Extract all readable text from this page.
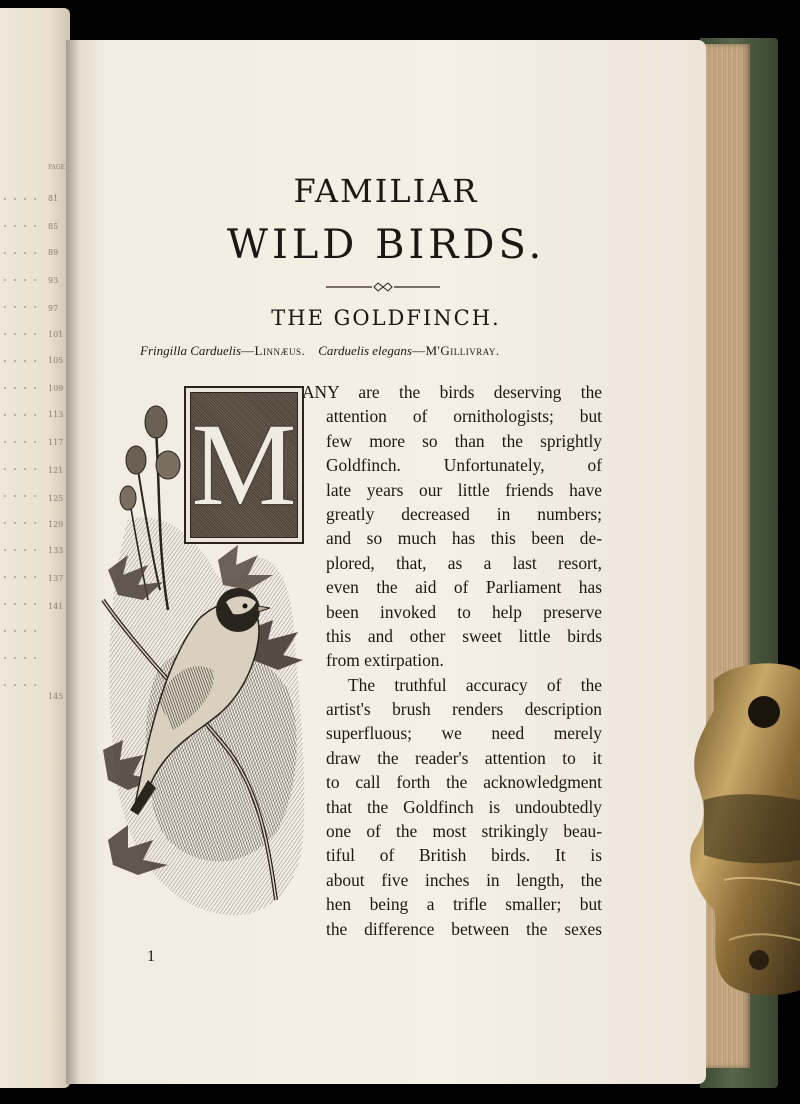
PAGE
81
85
89
93
97
101
105
109
113
117
121
125
129
133
137
141
145
FAMILIAR
WILD BIRDS.
THE GOLDFINCH.
Fringilla Carduelis—Linnæus. Carduelis elegans—M'Gillivray.
M
ANY are the birds deserving the
attention of ornithologists; but
few more so than the sprightly
Goldfinch. Unfortunately, of
late years our little friends have
greatly decreased in numbers;
and so much has this been de-
plored, that, as a last resort,
even the aid of Parliament has
been invoked to help preserve
this and other sweet little birds
from extirpation.
The truthful accuracy of the
artist's brush renders description
superfluous; we need merely
draw the reader's attention to it
to call forth the acknowledgment
that the Goldfinch is undoubtedly
one of the most strikingly beau-
tiful of British birds. It is
about five inches in length, the
hen being a trifle smaller; but
the difference between the sexes
1
